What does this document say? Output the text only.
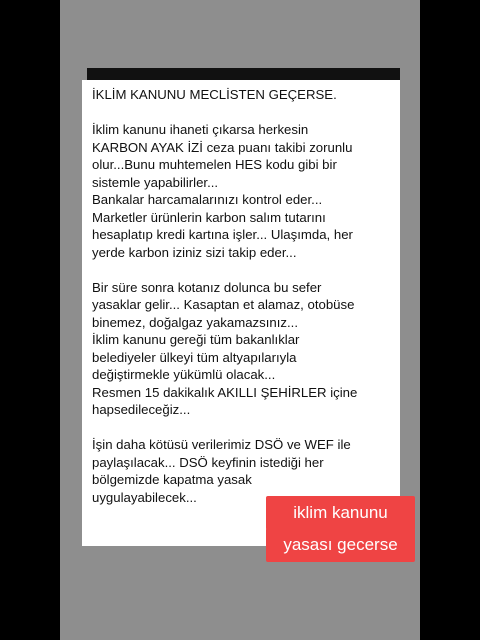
İKLİM KANUNU MECLİSTEN GEÇERSE.
İklim kanunu ihaneti çıkarsa herkesin
KARBON AYAK İZİ ceza puanı takibi zorunlu
olur...Bunu muhtemelen HES kodu gibi bir
sistemle yapabilirler...
Bankalar harcamalarınızı kontrol eder...
Marketler ürünlerin karbon salım tutarını
hesaplatıp kredi kartına işler... Ulaşımda, her
yerde karbon iziniz sizi takip eder...
Bir süre sonra kotanız dolunca bu sefer
yasaklar gelir... Kasaptan et alamaz, otobüse
binemez, doğalgaz yakamazsınız...
İklim kanunu gereği tüm bakanlıklar
belediyeler ülkeyi tüm altyapılarıyla
değiştirmekle yükümlü olacak...
Resmen 15 dakikalık AKILLI ŞEHİRLER içine
hapsedileceğiz...
İşin daha kötüsü verilerimiz DSÖ ve WEF ile
paylaşılacak... DSÖ keyfinin istediği her
bölgemizde kapatma yasak
uygulayabilecek...
iklim kanunu
yasası gecerse
